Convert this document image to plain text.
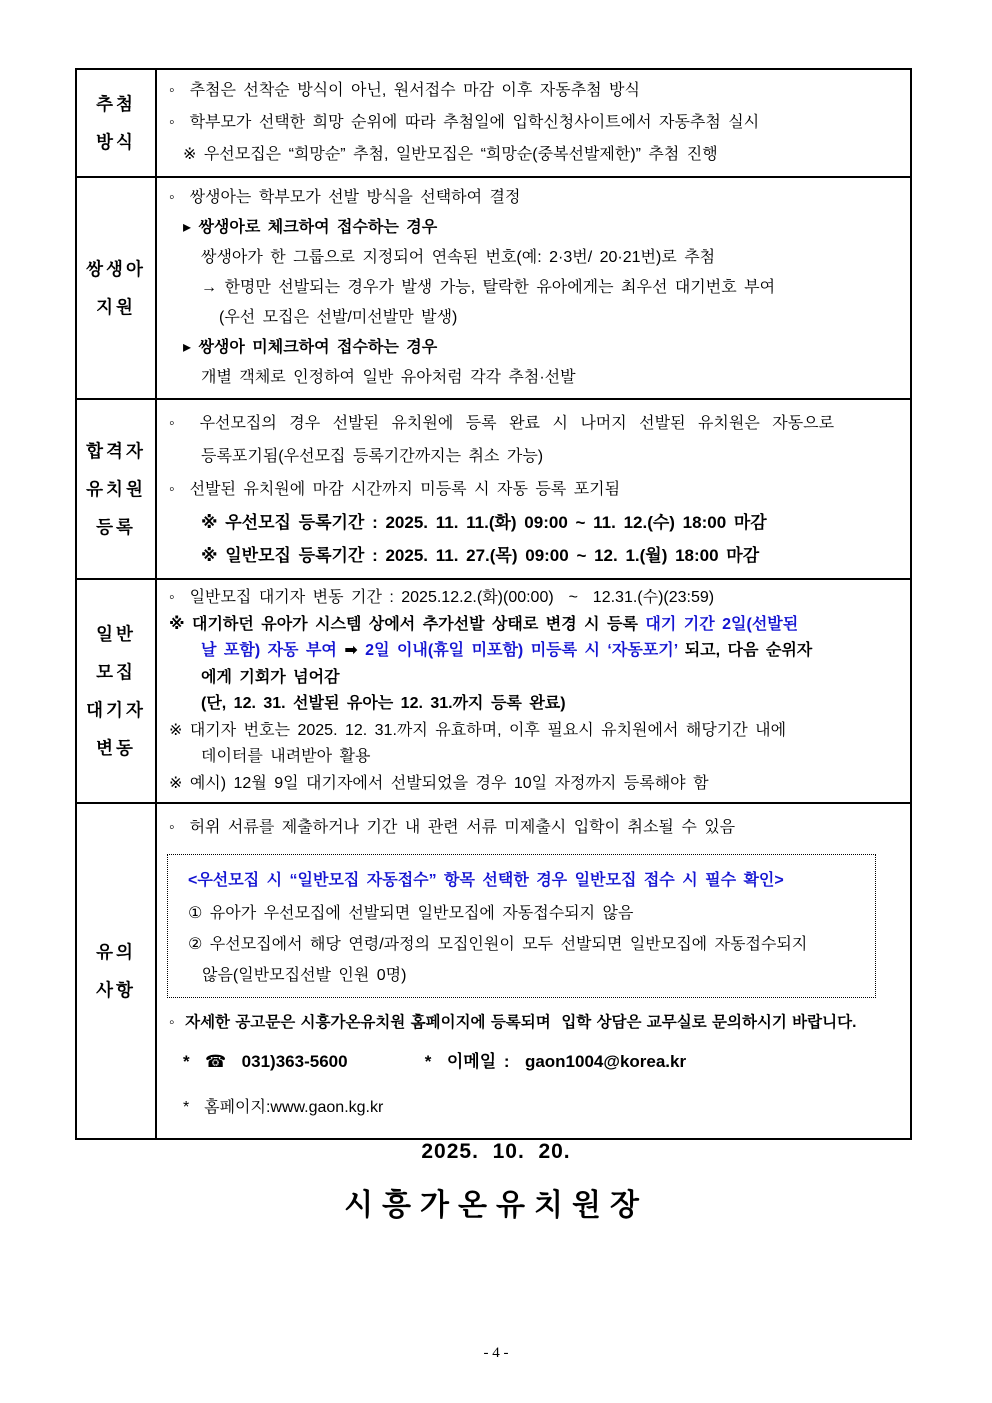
추첨
방식

◦  추첨은 선착순 방식이 아닌, 원서접수 마감 이후 자동추첨 방식
◦  학부모가 선택한 희망 순위에 따라 추첨일에 입학신청사이트에서 자동추첨 실시
※ 우선모집은 “희망순” 추첨, 일반모집은 “희망순(중복선발제한)” 추첨 진행

쌍생아
지원

◦  쌍생아는 학부모가 선발 방식을 선택하여 결정
▸ 쌍생아로 체크하여 접수하는 경우
쌍생아가 한 그룹으로 지정되어 연속된 번호(예: 2·3번/ 20·21번)로 추첨
→ 한명만 선발되는 경우가 발생 가능, 탈락한 유아에게는 최우선 대기번호 부여
(우선 모집은 선발/미선발만 발생)
▸ 쌍생아 미체크하여 접수하는 경우
개별 객체로 인정하여 일반 유아처럼 각각 추첨·선발

합격자
유치원
등록

◦  우선모집의 경우 선발된 유치원에 등록 완료 시 나머지 선발된 유치원은 자동으로
등록포기됨(우선모집 등록기간까지는 취소 가능)
◦  선발된 유치원에 마감 시간까지 미등록 시 자동 등록 포기됨
※ 우선모집 등록기간 : 2025. 11. 11.(화) 09:00 ~ 11. 12.(수) 18:00 마감
※ 일반모집 등록기간 : 2025. 11. 27.(목) 09:00 ~ 12. 1.(월) 18:00 마감

일반
모집
대기자
변동

◦  일반모집 대기자 변동 기간 : 2025.12.2.(화)(00:00)  ~  12.31.(수)(23:59)
※ 대기하던 유아가 시스템 상에서 추가선발 상태로 변경 시 등록 대기 기간 2일(선발된
날 포함) 자동 부여 ➡ 2일 이내(휴일 미포함) 미등록 시 ‘자동포기’ 되고, 다음 순위자
에게 기회가 넘어감
(단, 12. 31. 선발된 유아는 12. 31.까지 등록 완료)
※ 대기자 번호는 2025. 12. 31.까지 유효하며, 이후 필요시 유치원에서 해당기간 내에
데이터를 내려받아 활용
※ 예시) 12월 9일 대기자에서 선발되었을 경우 10일 자정까지 등록해야 함

유의
사항

◦  허위 서류를 제출하거나 기간 내 관련 서류 미제출시 입학이 취소될 수 있음
<우선모집 시 “일반모집 자동접수” 항목 선택한 경우 일반모집 접수 시 필수 확인>
① 유아가 우선모집에 선발되면 일반모집에 자동접수되지 않음
② 우선모집에서 해당 연령/과정의 모집인원이 모두 선발되면 일반모집에 자동접수되지
않음(일반모집선발 인원 0명)
◦  자세한 공고문은 시흥가온유치원 홈페이지에 등록되며  입학 상담은 교무실로 문의하시기 바랍니다.
*  ☎  031)363-5600          *  이메일 :  gaon1004@korea.kr
*  홈페이지:www.gaon.kg.kr
2025.  10.  20.
시흥가온유치원장
- 4 -
